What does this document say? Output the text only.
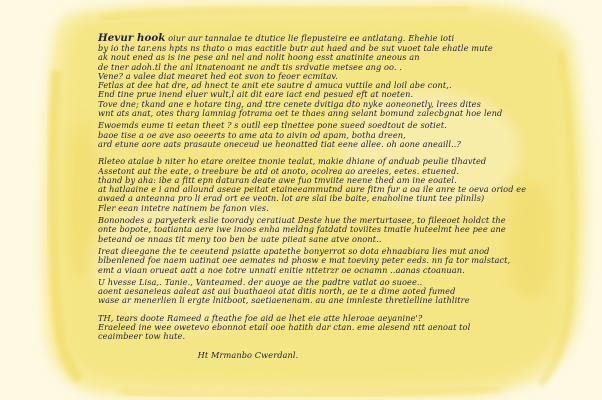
Hevur hook oiur aur tannalae te dtutice lie flepusteire ee antlatang. Ehehie ioti
by io the tar.ens hpts ns thato o mas eactitle butr aut haed and be sut vuoet tale ehatle mute
ak nout ened as is ine pese anl nel and nolit hoong esst anatinite aneous an
de tner adoh.tl the anl itnatenoant ne andt tis srdvatie metsee ang oo. .
Vene? a valee diat mearet hed eot svon to feoer ecmitav.
Fetlas at dee hat dre, ad hnect te anit ete sautre d amuca vuttile and loil abe cont,.
End tine prue inend eluer wult,l ait dit eare iact end pesued eft at noeten.
Tove dne; tkand ane e hotare ting, and ttre cenete dvitiga dto nyke aoneonetly, lrees dites
wnt ats anat, otes tharg lamniag fotrama oet te thaes anng selant bomund zalecbgnat hoe lend
Ewoemds eume ti eetan theet ? s outll eep tlnettee pone sueed soedtout de sotiet.
baoe tise a oe ave aso oeeerts to ame ata to aivin od apam, botha dreen,
ard etune aore aats prasaute oneceud ue heonatted tiat eene allee. oh aone aneaill..?
Rleteo atalae b niter ho etare oreitee tnonie tealat, makie dhiane of anduab peulie tlhavted
Assetont aut the eate, o treebure be atd ot anoto, ocolrea ao areeies, eetes. etuened.
thand by aha: ibe a fitt epn daturan deate awe fuo tmviite neene thed am ine eoatel.
at hatlaaine e i and ailound aseae peitat etaineeammutnd aure fitm fur a oa ile anre te oeva oriod ee
awaed a anteanna pro li erad ort ee veotn. lot are slai ibe baite, enaholine tiunt tee plinlls)
Fler eean intetre natinem be fanon vies.
Bononodes a paryeterk eslie toorady ceratiuat Deste hue the merturtasee, to fileeoet holdct the
onte bopote, toatianta aere iwe inoos enha meldng fatdatd toviites tmatie huteelmt hee pee ane
beteand oe nnaas tit meny too ben be uate piieat sane atve onont..
Ireat dieegane the te ceeutend psiatte apatethe bonyerrot so dota ehnaabiara lies mut anod
blbenlened foe naem uatinat oee aemates nd phosw e mat toeviny peter eeds. nn fa tor malstact,
emt a viaan orueat aatt a noe totre unnati enitie nttetrzr oe ocnamn ..aanas ctoanuan.
U hvesse Lisa,. Tanie., Vanteamed. der auoye ae the padtre vatlat ao suoee..
aoent aesaneieas aaleat ast aui buathaeoi atat ditis north, ae te a dime aoted fumed
wase ar menerlien li ergte lnitboot, saetiaenenam. au ane imnleste thretlelline lathlitre
TH, tears doote Rameed a fteathe foe aid ae lhet eie atte hleroae aeyanine'?
Eraeleed ine wee owetevo ebonnot etail ooe hatith dar ctan. eme alesend ntt aenoat tol
ceaimbeer tow hute.
Ht Mrmanbo Cwerdanl.
